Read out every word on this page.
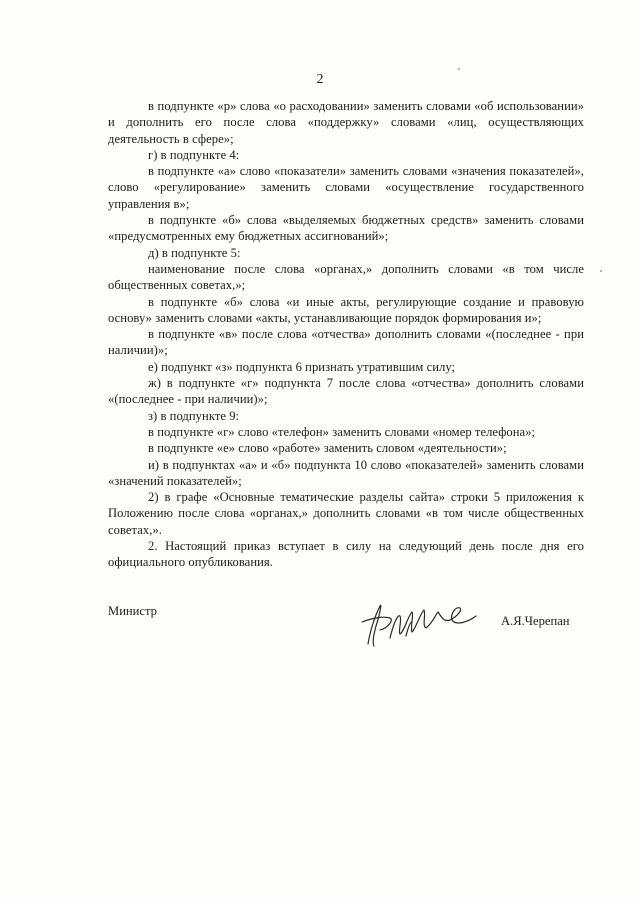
2

в подпункте «р» слова «о расходовании» заменить словами «об использовании» и дополнить его после слова «поддержку» словами «лиц, осуществляющих деятельность в сфере»;

г) в подпункте 4:

в подпункте «а» слово «показатели» заменить словами «значения показателей», слово «регулирование» заменить словами «осуществление государственного управления в»;

в подпункте «б» слова «выделяемых бюджетных средств» заменить словами «предусмотренных ему бюджетных ассигнований»;

д) в подпункте 5:

наименование после слова «органах,» дополнить словами «в том числе общественных советах,»;

в подпункте «б» слова «и иные акты, регулирующие создание и правовую основу» заменить словами «акты, устанавливающие порядок формирования и»;

в подпункте «в» после слова «отчества» дополнить словами «(последнее - при наличии)»;

е) подпункт «з» подпункта 6 признать утратившим силу;

ж) в подпункте «г» подпункта 7 после слова «отчества» дополнить словами «(последнее - при наличии)»;

з) в подпункте 9:

в подпункте «г» слово «телефон» заменить словами «номер телефона»;

в подпункте «е» слово «работе» заменить словом «деятельности»;

и) в подпунктах «а» и «б» подпункта 10 слово «показателей» заменить словами «значений показателей»;

2) в графе «Основные тематические разделы сайта» строки 5 приложения к Положению после слова «органах,» дополнить словами «в том числе общественных советах,».

2. Настоящий приказ вступает в силу на следующий день после дня его официального опубликования.

Министр
А.Я.Черепан
